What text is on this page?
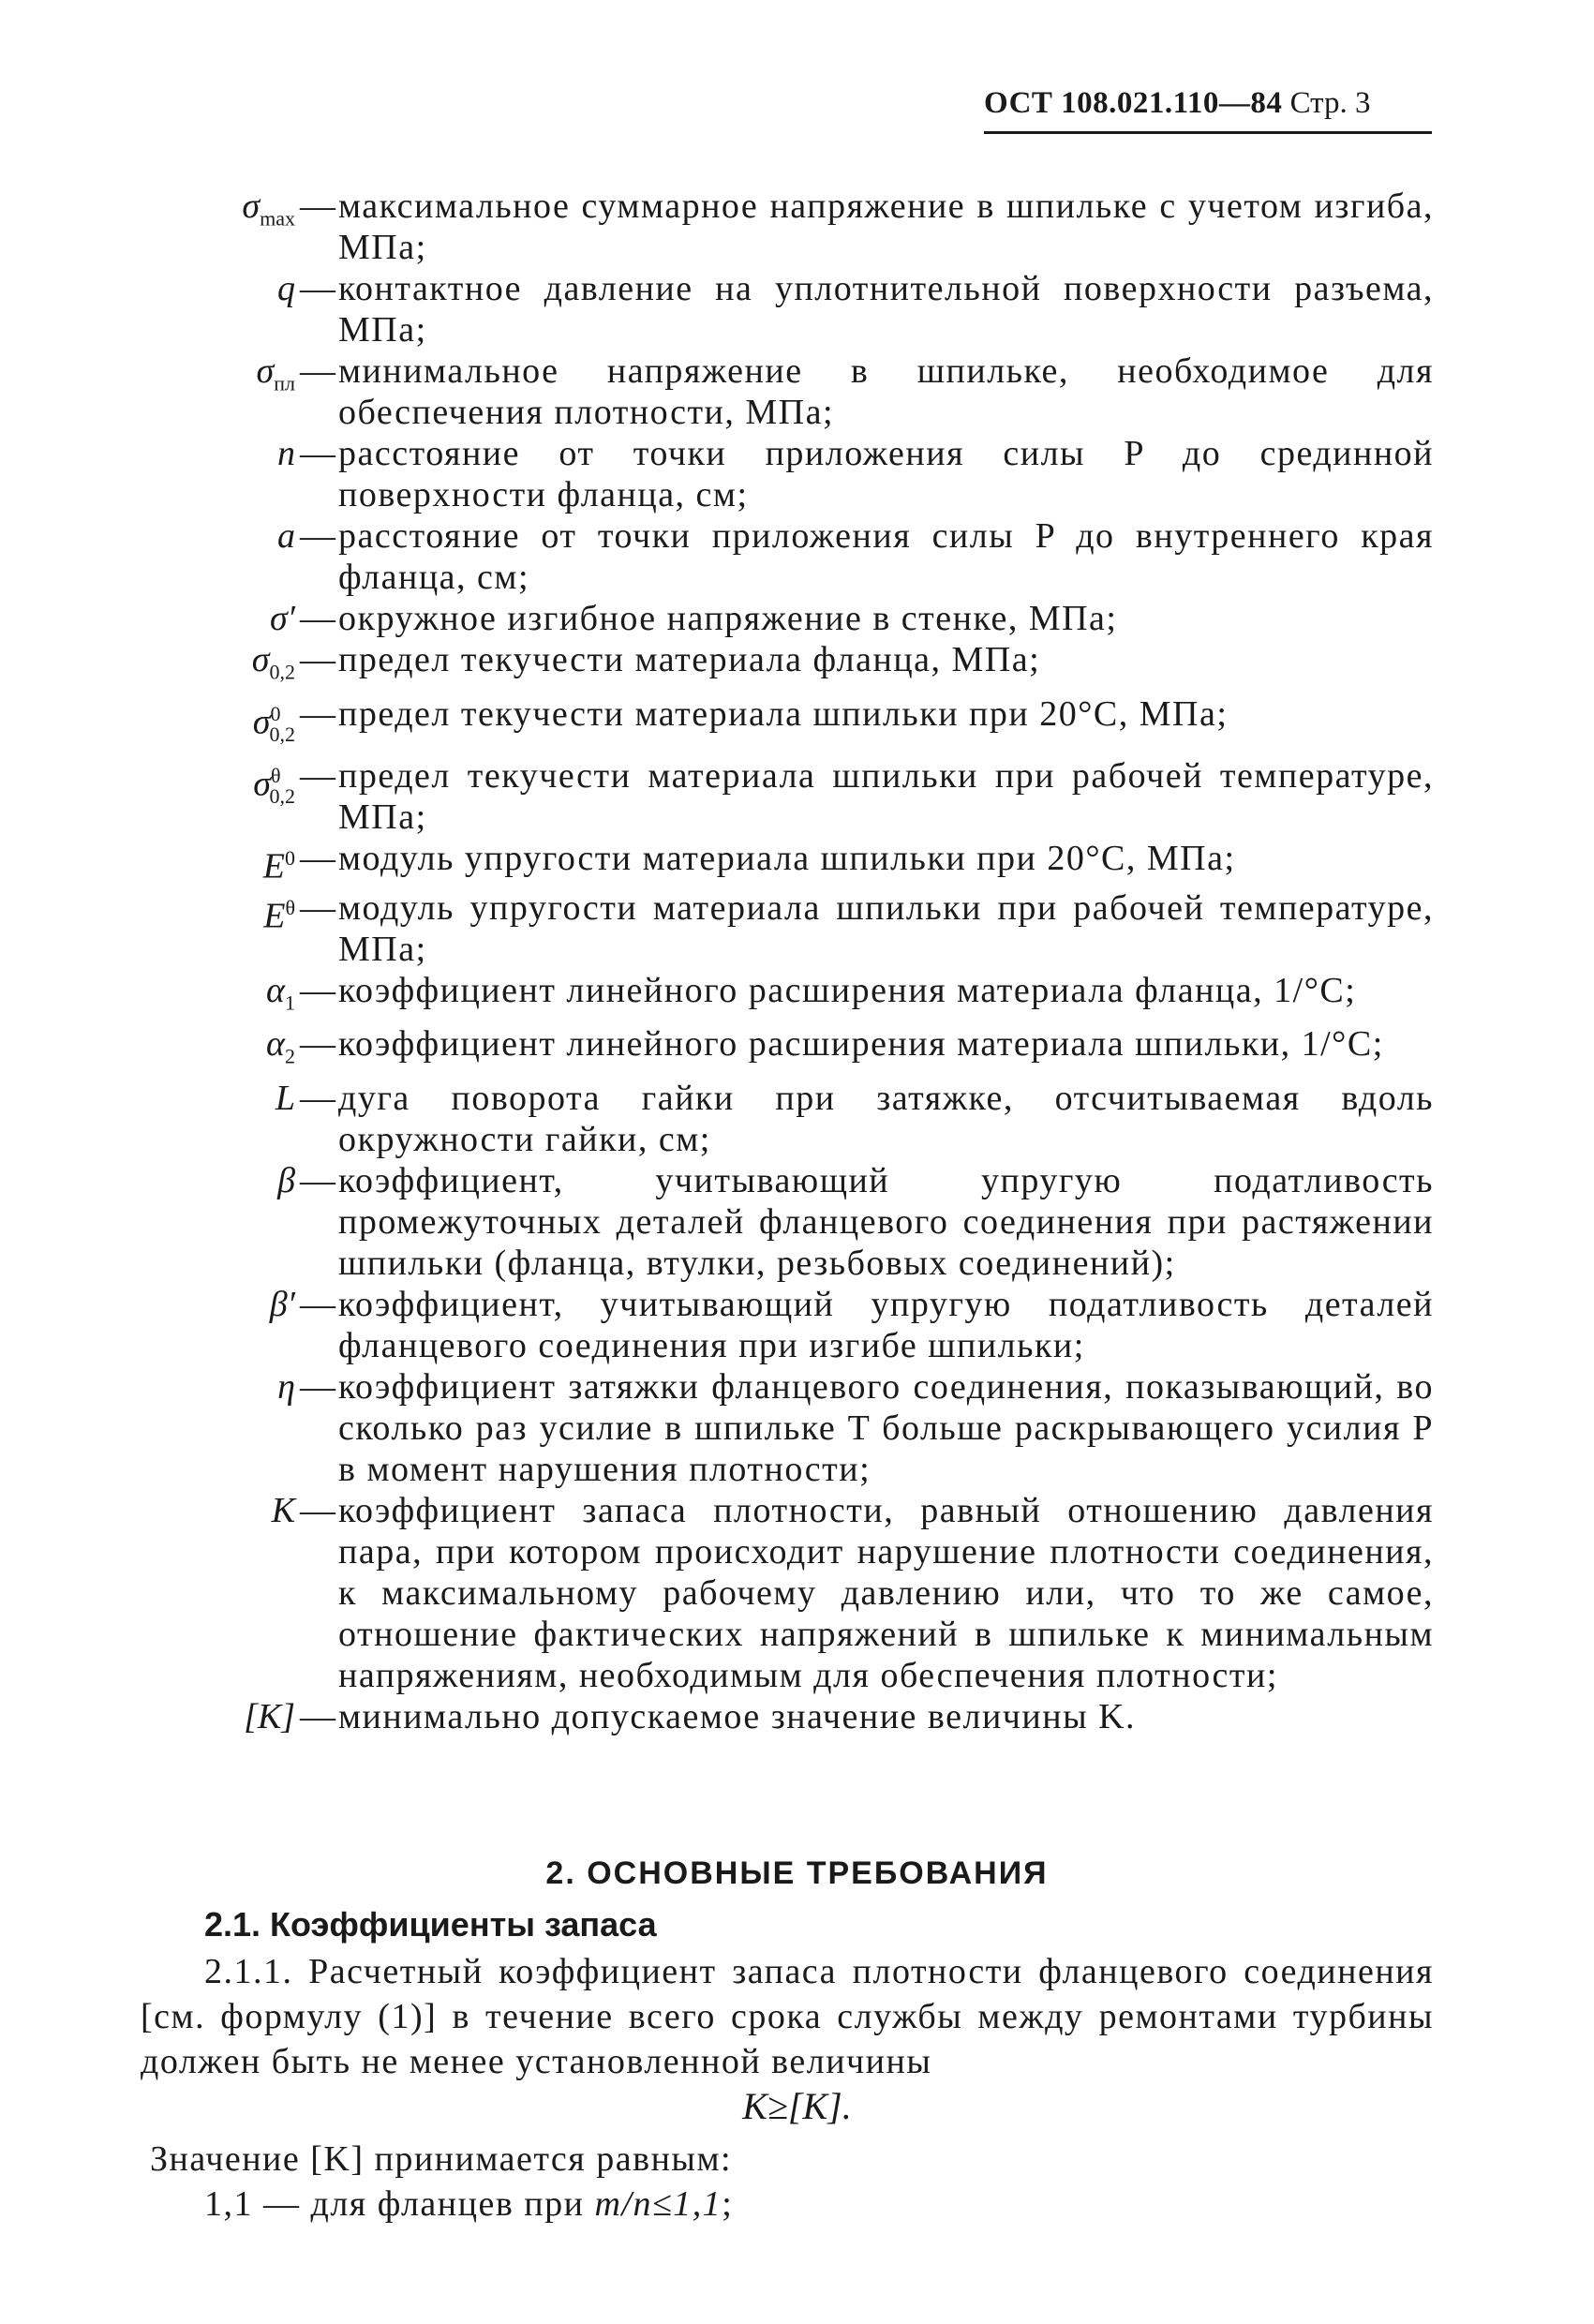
ОСТ 108.021.110—84 Стр. 3
$\sigma_{max}$ — максимальное суммарное напряжение в шпильке с учетом изгиба, МПа;
q — контактное давление на уплотнительной поверхности разъема, МПа;
$\sigma_{пл}$ — минимальное напряжение в шпильке, необходимое для обеспечения плотности, МПа;
n — расстояние от точки приложения силы P до срединной поверхности фланца, см;
a — расстояние от точки приложения силы P до внутреннего края фланца, см;
σ′ — окружное изгибное напряжение в стенке, МПа;
$\sigma_{0,2}$ — предел текучести материала фланца, МПа;
$\sigma^0_{0,2}$
— предел текучести материала шпильки при 20°С, МПа;
$\sigma^\theta_{0,2}$
— предел текучести материала шпильки при рабочей температуре, МПа;
$E^0$ — модуль упругости материала шпильки при 20°С, МПа;
$E^\theta$ — модуль упругости материала шпильки при рабочей температуре, МПа;
$\alpha_1$ — коэффициент линейного расширения материала фланца, 1/°С;
$\alpha_2$ — коэффициент линейного расширения материала шпильки, 1/°С;
L — дуга поворота гайки при затяжке, отсчитываемая вдоль окружности гайки, см;
β — коэффициент, учитывающий упругую податливость промежуточных деталей фланцевого соединения при растяжении шпильки (фланца, втулки, резьбовых соединений);
β′ — коэффициент, учитывающий упругую податливость деталей фланцевого соединения при изгибе шпильки;
η — коэффициент затяжки фланцевого соединения, показывающий, во сколько раз усилие в шпильке T больше раскрывающего усилия P в момент нарушения плотности;
K — коэффициент запаса плотности, равный отношению давления пара, при котором происходит нарушение плотности соединения, к максимальному рабочему давлению или, что то же самое, отношение фактических напряжений в шпильке к минимальным напряжениям, необходимым для обеспечения плотности;
[K] — минимально допускаемое значение величины K.
2. ОСНОВНЫЕ ТРЕБОВАНИЯ
2.1. Коэффициенты запаса
2.1.1. Расчетный коэффициент запаса плотности фланцевого соединения [см. формулу (1)] в течение всего срока службы между ремонтами турбины должен быть не менее установленной величины
K≥[K].
Значение [K] принимается равным:
1,1 — для фланцев при m/n≤1,1;
